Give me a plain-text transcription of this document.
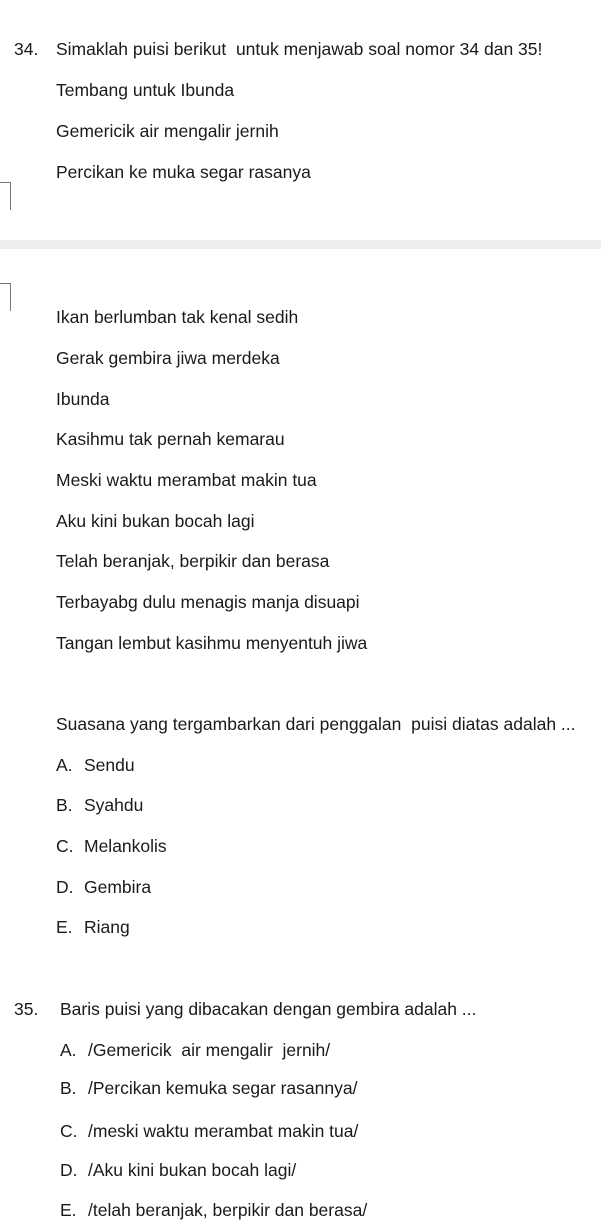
34. Simaklah puisi berikut  untuk menjawab soal nomor 34 dan 35!
Tembang untuk Ibunda
Gemericik air mengalir jernih
Percikan ke muka segar rasanya
Ikan berlumban tak kenal sedih
Gerak gembira jiwa merdeka
Ibunda
Kasihmu tak pernah kemarau
Meski waktu merambat makin tua
Aku kini bukan bocah lagi
Telah beranjak, berpikir dan berasa
Terbayabg dulu menagis manja disuapi
Tangan lembut kasihmu menyentuh jiwa
Suasana yang tergambarkan dari penggalan  puisi diatas adalah ...
A. Sendu
B. Syahdu
C. Melankolis
D. Gembira
E. Riang
35. Baris puisi yang dibacakan dengan gembira adalah ...
A. /Gemericik  air mengalir  jernih/
B. /Percikan kemuka segar rasannya/
C. /meski waktu merambat makin tua/
D. /Aku kini bukan bocah lagi/
E. /telah beranjak, berpikir dan berasa/
